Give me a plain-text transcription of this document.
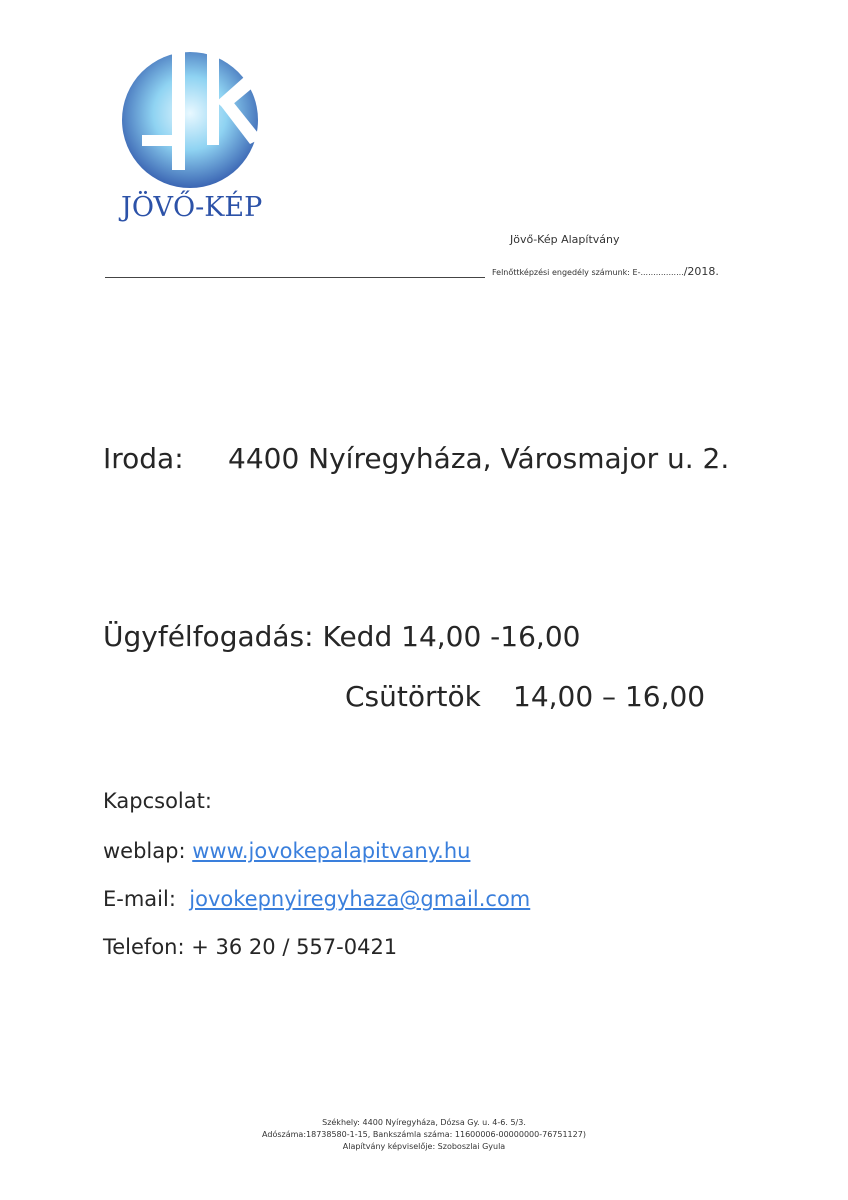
JÖVŐ-KÉP
Jövő-Kép Alapítvány
Felnőttképzési engedély számunk: E-................./2018.
Iroda: 4400 Nyíregyháza, Városmajor u. 2.
Ügyfélfogadás: Kedd 14,00 -16,00
Csütörtök 14,00 – 16,00
Kapcsolat:
weblap: www.jovokepalapitvany.hu
E-mail: jovokepnyiregyhaza@gmail.com
Telefon: + 36 20 / 557-0421
Székhely: 4400 Nyíregyháza, Dózsa Gy. u. 4-6. 5/3.
Adószáma:18738580-1-15, Bankszámla száma: 11600006-00000000-76751127)
Alapítvány képviselője: Szoboszlai Gyula
